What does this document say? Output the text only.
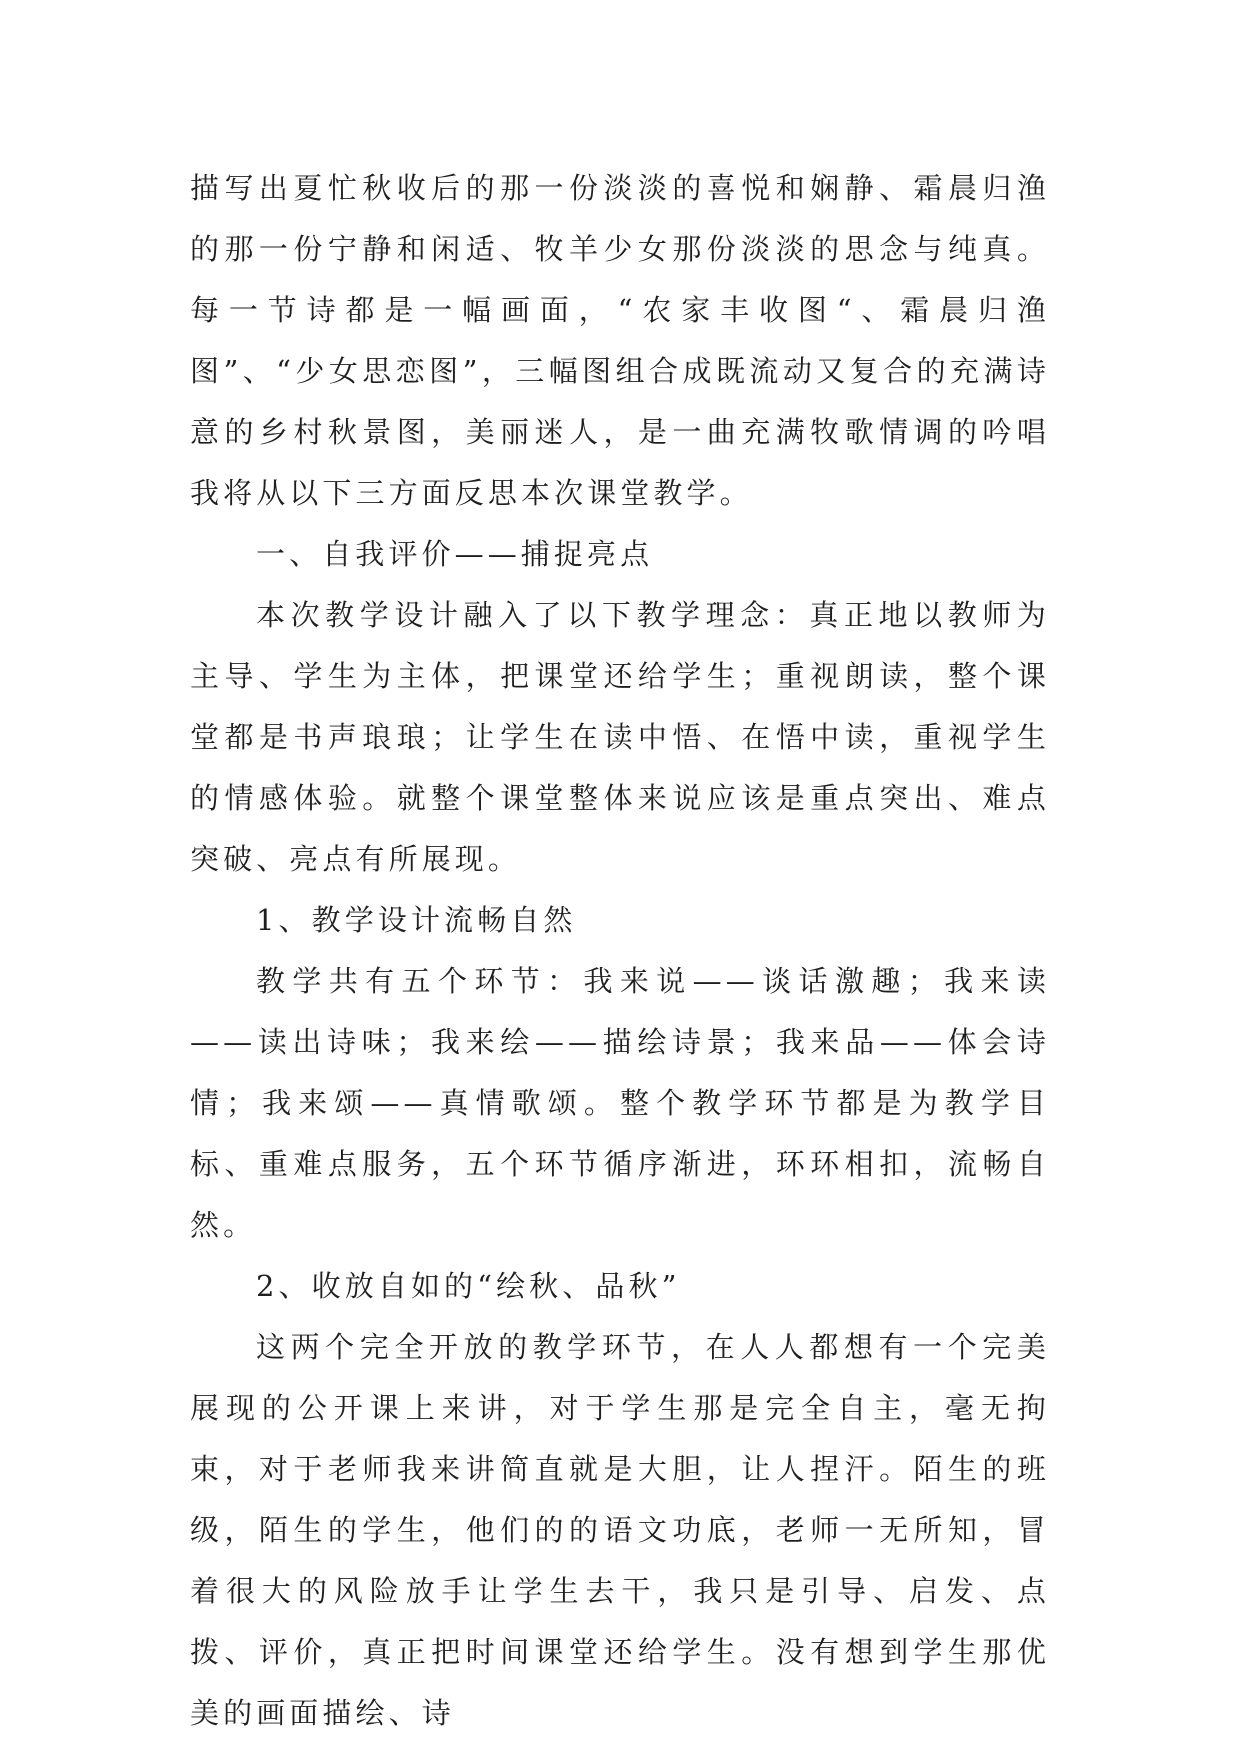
描写出夏忙秋收后的那一份淡淡的喜悦和娴静、霜晨归渔的那一份宁静和闲适、牧羊少女那份淡淡的思念与纯真。每一节诗都是一幅画面，“农家丰收图“、霜晨归渔图”、“少女思恋图”，三幅图组合成既流动又复合的充满诗意的乡村秋景图，美丽迷人，是一曲充满牧歌情调的吟唱我将从以下三方面反思本次课堂教学。

一、自我评价——捕捉亮点

本次教学设计融入了以下教学理念：真正地以教师为主导、学生为主体，把课堂还给学生；重视朗读，整个课堂都是书声琅琅；让学生在读中悟、在悟中读，重视学生的情感体验。就整个课堂整体来说应该是重点突出、难点突破、亮点有所展现。

1、教学设计流畅自然

教学共有五个环节：我来说——谈话激趣；我来读——读出诗味；我来绘——描绘诗景；我来品——体会诗情；我来颂——真情歌颂。整个教学环节都是为教学目标、重难点服务，五个环节循序渐进，环环相扣，流畅自然。

2、收放自如的“绘秋、品秋”

这两个完全开放的教学环节，在人人都想有一个完美展现的公开课上来讲，对于学生那是完全自主，毫无拘束，对于老师我来讲简直就是大胆，让人捏汗。陌生的班级，陌生的学生，他们的的语文功底，老师一无所知，冒着很大的风险放手让学生去干，我只是引导、启发、点拨、评价，真正把时间课堂还给学生。没有想到学生那优美的画面描绘、诗
